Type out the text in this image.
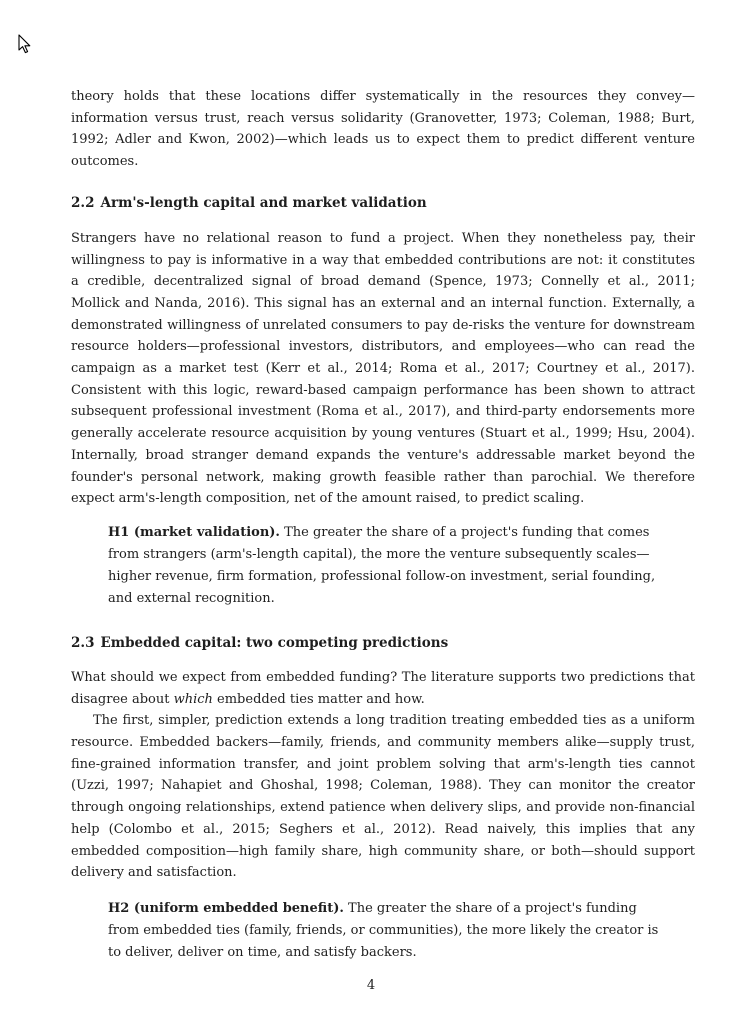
theory holds that these locations differ systematically in the resources they convey—information versus trust, reach versus solidarity (Granovetter, 1973; Coleman, 1988; Burt, 1992; Adler and Kwon, 2002)—which leads us to expect them to predict different venture outcomes.

2.2 Arm's-length capital and market validation

Strangers have no relational reason to fund a project. When they nonetheless pay, their willingness to pay is informative in a way that embedded contributions are not: it constitutes a credible, decentralized signal of broad demand (Spence, 1973; Connelly et al., 2011; Mollick and Nanda, 2016). This signal has an external and an internal function. Externally, a demonstrated willingness of unrelated consumers to pay de-risks the venture for downstream resource holders—professional investors, distributors, and employees—who can read the campaign as a market test (Kerr et al., 2014; Roma et al., 2017; Courtney et al., 2017). Consistent with this logic, reward-based campaign performance has been shown to attract subsequent professional investment (Roma et al., 2017), and third-party endorsements more generally accelerate resource acquisition by young ventures (Stuart et al., 1999; Hsu, 2004). Internally, broad stranger demand expands the venture's addressable market beyond the founder's personal network, making growth feasible rather than parochial. We therefore expect arm's-length composition, net of the amount raised, to predict scaling.

H1 (market validation). The greater the share of a project's funding that comes from strangers (arm's-length capital), the more the venture subsequently scales—higher revenue, firm formation, professional follow-on investment, serial founding, and external recognition.

2.3 Embedded capital: two competing predictions

What should we expect from embedded funding? The literature supports two predictions that disagree about which embedded ties matter and how.

The first, simpler, prediction extends a long tradition treating embedded ties as a uniform resource. Embedded backers—family, friends, and community members alike—supply trust, fine-grained information transfer, and joint problem solving that arm's-length ties cannot (Uzzi, 1997; Nahapiet and Ghoshal, 1998; Coleman, 1988). They can monitor the creator through ongoing relationships, extend patience when delivery slips, and provide non-financial help (Colombo et al., 2015; Seghers et al., 2012). Read naively, this implies that any embedded composition—high family share, high community share, or both—should support delivery and satisfaction.

H2 (uniform embedded benefit). The greater the share of a project's funding from embedded ties (family, friends, or communities), the more likely the creator is to deliver, deliver on time, and satisfy backers.

4
